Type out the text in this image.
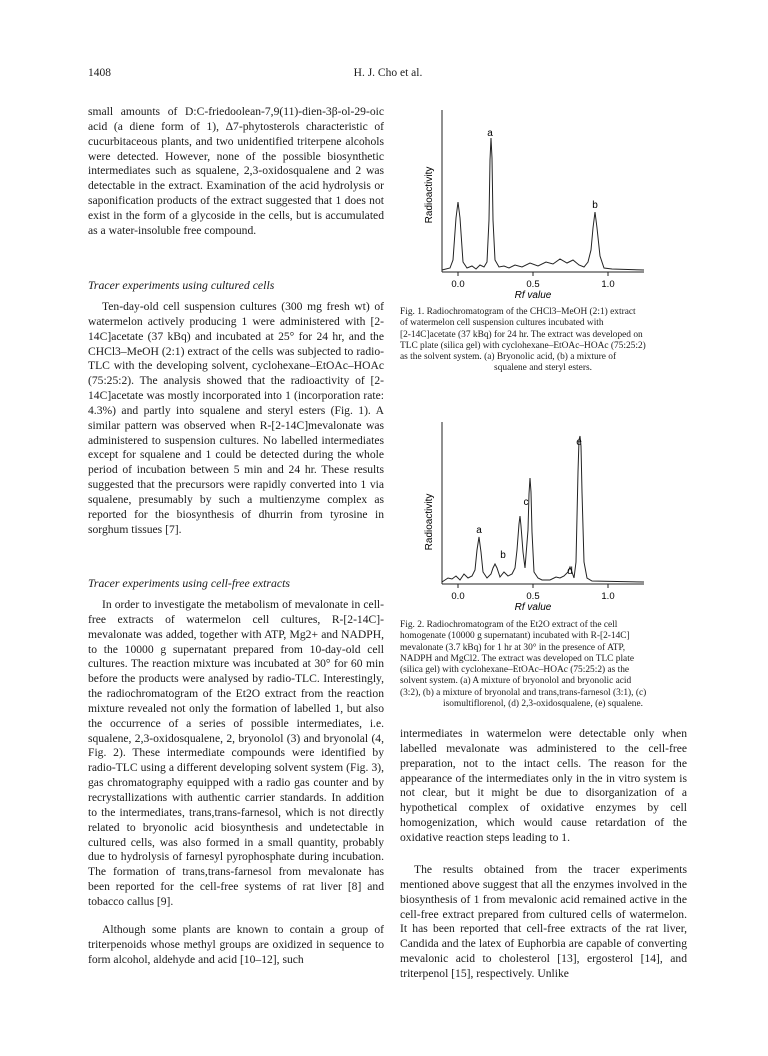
1408	H. J. Cho et al.
small amounts of D:C-friedoolean-7,9(11)-dien-3β-ol-29-oic acid (a diene form of 1), Δ7-phytosterols characteristic of cucurbitaceous plants, and two unidentified triterpene alcohols were detected. However, none of the possible biosynthetic intermediates such as squalene, 2,3-oxidosqualene and 2 was detectable in the extract. Examination of the acid hydrolysis or saponification products of the extract suggested that 1 does not exist in the form of a glycoside in the cells, but is accumulated as a water-insoluble free compound.
Tracer experiments using cultured cells
Ten-day-old cell suspension cultures (300 mg fresh wt) of watermelon actively producing 1 were administered with [2-14C]acetate (37 kBq) and incubated at 25° for 24 hr, and the CHCl3–MeOH (2:1) extract of the cells was subjected to radio-TLC with the developing solvent, cyclohexane–EtOAc–HOAc (75:25:2). The analysis showed that the radioactivity of [2-14C]acetate was mostly incorporated into 1 (incorporation rate: 4.3%) and partly into squalene and steryl esters (Fig. 1). A similar pattern was observed when R-[2-14C]mevalonate was administered to suspension cultures. No labelled intermediates except for squalene and 1 could be detected during the whole period of incubation between 5 min and 24 hr. These results suggested that the precursors were rapidly converted into 1 via squalene, presumably by such a multienzyme complex as reported for the biosynthesis of dhurrin from tyrosine in sorghum tissues [7].
Tracer experiments using cell-free extracts
In order to investigate the metabolism of mevalonate in cell-free extracts of watermelon cell cultures, R-[2-14C]-mevalonate was added, together with ATP, Mg2+ and NADPH, to the 10000 g supernatant prepared from 10-day-old cell cultures. The reaction mixture was incubated at 30° for 60 min before the products were analysed by radio-TLC. Interestingly, the radiochromatogram of the Et2O extract from the reaction mixture revealed not only the formation of labelled 1, but also the occurrence of a series of possible intermediates, i.e. squalene, 2,3-oxidosqualene, 2, bryonolol (3) and bryonolal (4, Fig. 2). These intermediate compounds were identified by radio-TLC using a different developing solvent system (Fig. 3), gas chromatography equipped with a radio gas counter and by recrystallizations with authentic carrier standards. In addition to the intermediates, trans,trans-farnesol, which is not directly related to bryonolic acid biosynthesis and undetectable in cultured cells, was also formed in a small quantity, probably due to hydrolysis of farnesyl pyrophosphate during incubation. The formation of trans,trans-farnesol from mevalonate has been reported for the cell-free systems of rat liver [8] and tobacco callus [9].
Although some plants are known to contain a group of triterpenoids whose methyl groups are oxidized in sequence to form alcohol, aldehyde and acid [10–12], such
a
b
Radioactivity
0.0	0.5	1.0
Rf value
Fig. 1. Radiochromatogram of the CHCl3–MeOH (2:1) extract
of watermelon cell suspension cultures incubated with
[2-14C]acetate (37 kBq) for 24 hr. The extract was developed on
TLC plate (silica gel) with cyclohexane–EtOAc–HOAc (75:25:2)
as the solvent system. (a) Bryonolic acid, (b) a mixture of
squalene and steryl esters.
a
b
c
d
e
Radioactivity
0.0	0.5	1.0
Rf value
Fig. 2. Radiochromatogram of the Et2O extract of the cell
homogenate (10000 g supernatant) incubated with R-[2-14C]
mevalonate (3.7 kBq) for 1 hr at 30° in the presence of ATP,
NADPH and MgCl2. The extract was developed on TLC plate
(silica gel) with cyclohexane–EtOAc–HOAc (75:25:2) as the
solvent system. (a) A mixture of bryonolol and bryonolic acid
(3:2), (b) a mixture of bryonolal and trans,trans-farnesol (3:1), (c)
isomultiflorenol, (d) 2,3-oxidosqualene, (e) squalene.
intermediates in watermelon were detectable only when labelled mevalonate was administered to the cell-free preparation, not to the intact cells. The reason for the appearance of the intermediates only in the in vitro system is not clear, but it might be due to disorganization of a hypothetical complex of oxidative enzymes by cell homogenization, which would cause retardation of the oxidative reaction steps leading to 1.
The results obtained from the tracer experiments mentioned above suggest that all the enzymes involved in the biosynthesis of 1 from mevalonic acid remained active in the cell-free extract prepared from cultured cells of watermelon. It has been reported that cell-free extracts of the rat liver, Candida and the latex of Euphorbia are capable of converting mevalonic acid to cholesterol [13], ergosterol [14], and triterpenol [15], respectively. Unlike
